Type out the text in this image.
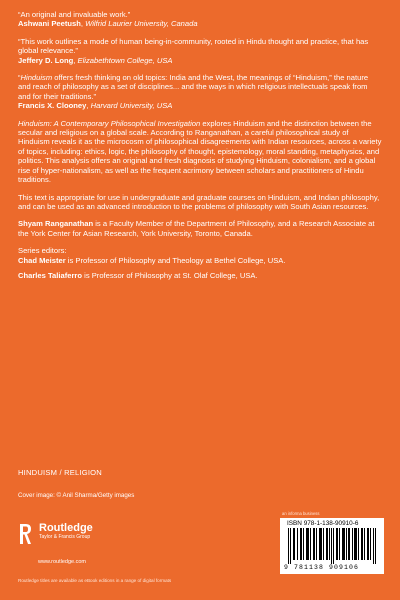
“An original and invaluable work.”
Ashwani Peetush, Wilfrid Laurier University, Canada
“This work outlines a mode of human being-in-community, rooted in Hindu thought and practice, that has global relevance.”
Jeffery D. Long, Elizabethtown College, USA
“Hinduism offers fresh thinking on old topics: India and the West, the meanings of “Hinduism,” the nature and reach of philosophy as a set of disciplines... and the ways in which religious intellectuals speak from and for their traditions.”
Francis X. Clooney, Harvard University, USA
Hinduism: A Contemporary Philosophical Investigation explores Hinduism and the distinction between the secular and religious on a global scale. According to Ranganathan, a careful philosophical study of Hinduism reveals it as the microcosm of philosophical disagreements with Indian resources, across a variety of topics, including: ethics, logic, the philosophy of thought, epistemology, moral standing, metaphysics, and politics. This analysis offers an original and fresh diagnosis of studying Hinduism, colonialism, and a global rise of hyper-nationalism, as well as the frequent acrimony between scholars and practitioners of Hindu traditions.
This text is appropriate for use in undergraduate and graduate courses on Hinduism, and Indian philosophy, and can be used as an advanced introduction to the problems of philosophy with South Asian resources.
Shyam Ranganathan is a Faculty Member of the Department of Philosophy, and a Research Associate at the York Center for Asian Research, York University, Toronto, Canada.
Series editors:
Chad Meister is Professor of Philosophy and Theology at Bethel College, USA.
Charles Taliaferro is Professor of Philosophy at St. Olaf College, USA.
HINDUISM / RELIGION
Cover image: © Anil Sharma/Getty images
Routledge
Taylor & Francis Group
www.routledge.com
Routledge titles are available as eBook editions in a range of digital formats
an informa business
ISBN 978-1-138-90910-6
9 781138 909106
